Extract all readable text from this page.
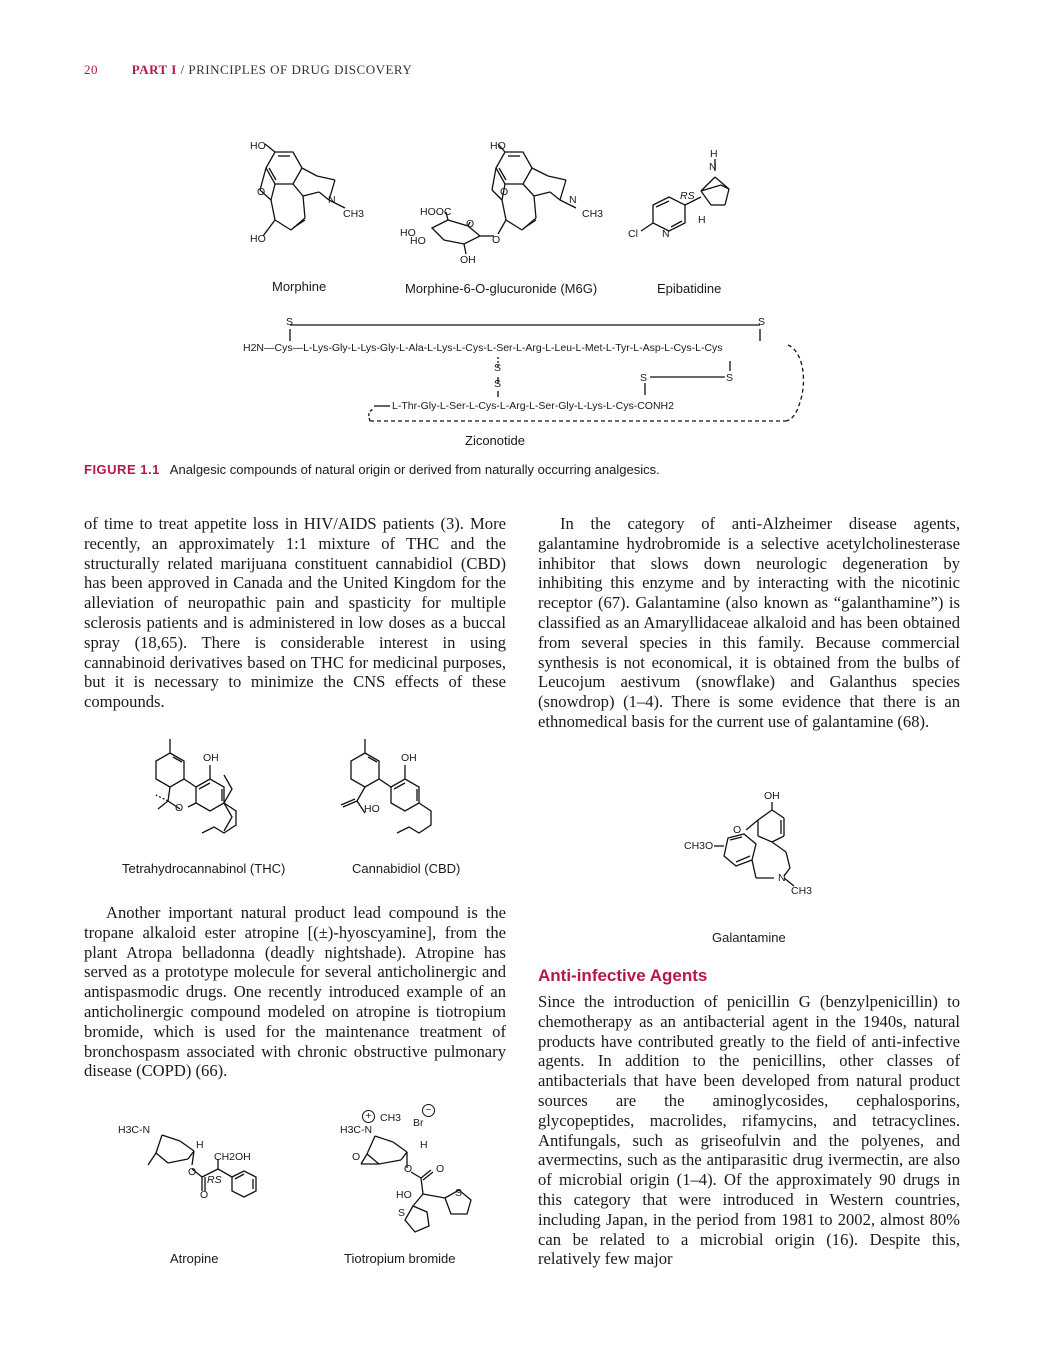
20	PART I / PRINCIPLES OF DRUG DISCOVERY
HO
O
N
CH3
HO
Morphine
HO
O
N
CH3
HOOC
O
HO
HO	O
OH
Morphine-6-O-glucuronide (M6G)
H
N
RS
H
Cl N
Epibatidine
S	S
H2N—Cys—L-Lys-Gly-L-Lys-Gly-L-Ala-L-Lys-L-Cys-L-Ser-L-Arg-L-Leu-L-Met-L-Tyr-L-Asp-L-Cys-L-Cys
S
S	S	S
L-Thr-Gly-L-Ser-L-Cys-L-Arg-L-Ser-Gly-L-Lys-L-Cys-CONH2
Ziconotide
FIGURE 1.1 Analgesic compounds of natural origin or derived from naturally occurring analgesics.

of time to treat appetite loss in HIV/AIDS patients (3). More recently, an approximately 1:1 mixture of THC and the structurally related marijuana constituent cannabidiol (CBD) has been approved in Canada and the United Kingdom for the alleviation of neuropathic pain and spasticity for multiple sclerosis patients and is administered in low doses as a buccal spray (18,65). There is considerable interest in using cannabinoid derivatives based on THC for medicinal purposes, but it is necessary to minimize the CNS effects of these compounds.

OH
O
Tetrahydrocannabinol (THC)
OH
HO
Cannabidiol (CBD)

Another important natural product lead compound is the tropane alkaloid ester atropine [(±)-hyoscyamine], from the plant Atropa belladonna (deadly nightshade). Atropine has served as a prototype molecule for several anticholinergic and antispasmodic drugs. One recently introduced example of an anticholinergic compound modeled on atropine is tiotropium bromide, which is used for the maintenance treatment of bronchospasm associated with chronic obstructive pulmonary disease (COPD) (66).

H3C-N
H
CH2OH
O
RS
O
Atropine
+ CH3
−
Br
H3C-N
H
O
O O
HO	S
S
Tiotropium bromide

In the category of anti-Alzheimer disease agents, galantamine hydrobromide is a selective acetylcholinesterase inhibitor that slows down neurologic degeneration by inhibiting this enzyme and by interacting with the nicotinic receptor (67). Galantamine (also known as “galanthamine”) is classified as an Amaryllidaceae alkaloid and has been obtained from several species in this family. Because commercial synthesis is not economical, it is obtained from the bulbs of Leucojum aestivum (snowflake) and Galanthus species (snowdrop) (1–4). There is some evidence that there is an ethnomedical basis for the current use of galantamine (68).

OH
O
CH3O
N
CH3
Galantamine
Anti-infective Agents

Since the introduction of penicillin G (benzylpenicillin) to chemotherapy as an antibacterial agent in the 1940s, natural products have contributed greatly to the field of anti-infective agents. In addition to the penicillins, other classes of antibacterials that have been developed from natural product sources are the aminoglycosides, cephalosporins, glycopeptides, macrolides, rifamycins, and tetracyclines. Antifungals, such as griseofulvin and the polyenes, and avermectins, such as the antiparasitic drug ivermectin, are also of microbial origin (1–4). Of the approximately 90 drugs in this category that were introduced in Western countries, including Japan, in the period from 1981 to 2002, almost 80% can be related to a microbial origin (16). Despite this, relatively few major
